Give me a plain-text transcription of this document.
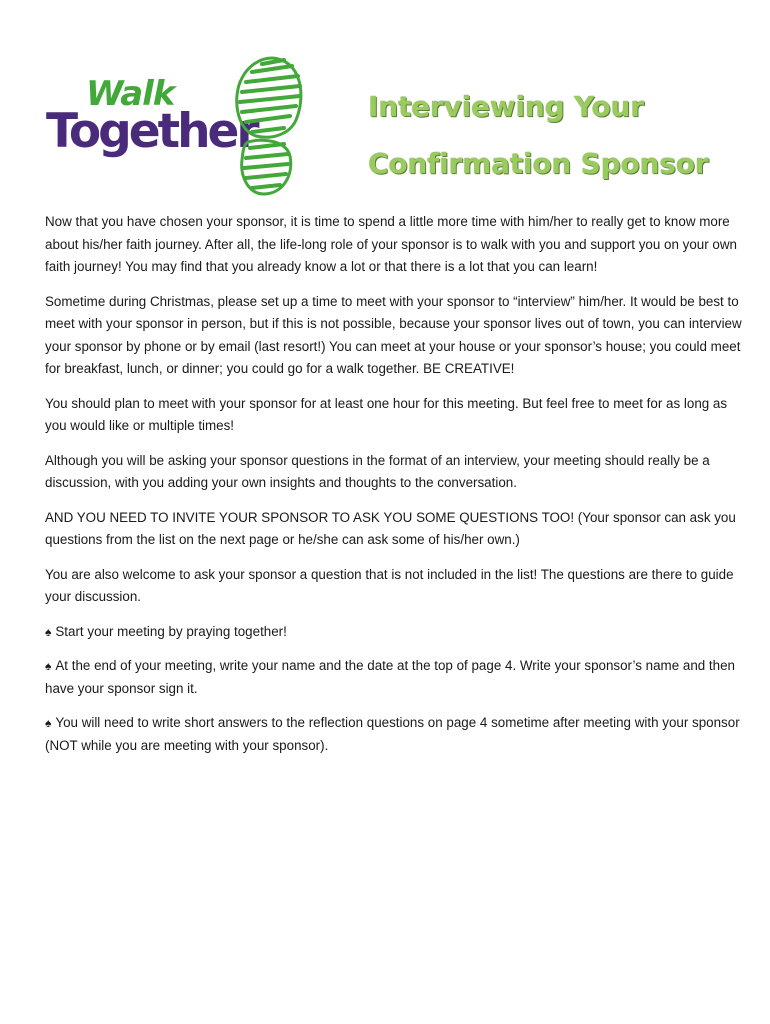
Walk
Together	Interviewing Your
Confirmation Sponsor

Now that you have chosen your sponsor, it is time to spend a little more time with him/her to really get to know more about his/her faith journey. After all, the life-long role of your sponsor is to walk with you and support you on your own faith journey! You may find that you already know a lot or that there is a lot that you can learn!

Sometime during Christmas, please set up a time to meet with your sponsor to “interview” him/her. It would be best to meet with your sponsor in person, but if this is not possible, because your sponsor lives out of town, you can interview your sponsor by phone or by email (last resort!) You can meet at your house or your sponsor’s house; you could meet for breakfast, lunch, or dinner; you could go for a walk together. BE CREATIVE!

You should plan to meet with your sponsor for at least one hour for this meeting. But feel free to meet for as long as you would like or multiple times!

Although you will be asking your sponsor questions in the format of an interview, your meeting should really be a discussion, with you adding your own insights and thoughts to the conversation.

AND YOU NEED TO INVITE YOUR SPONSOR TO ASK YOU SOME QUESTIONS TOO! (Your sponsor can ask you questions from the list on the next page or he/she can ask some of his/her own.)

You are also welcome to ask your sponsor a question that is not included in the list! The questions are there to guide your discussion.

♠ Start your meeting by praying together!

♠ At the end of your meeting, write your name and the date at the top of page 4. Write your sponsor’s name and then have your sponsor sign it.

♠ You will need to write short answers to the reflection questions on page 4 sometime after meeting with your sponsor (NOT while you are meeting with your sponsor).
